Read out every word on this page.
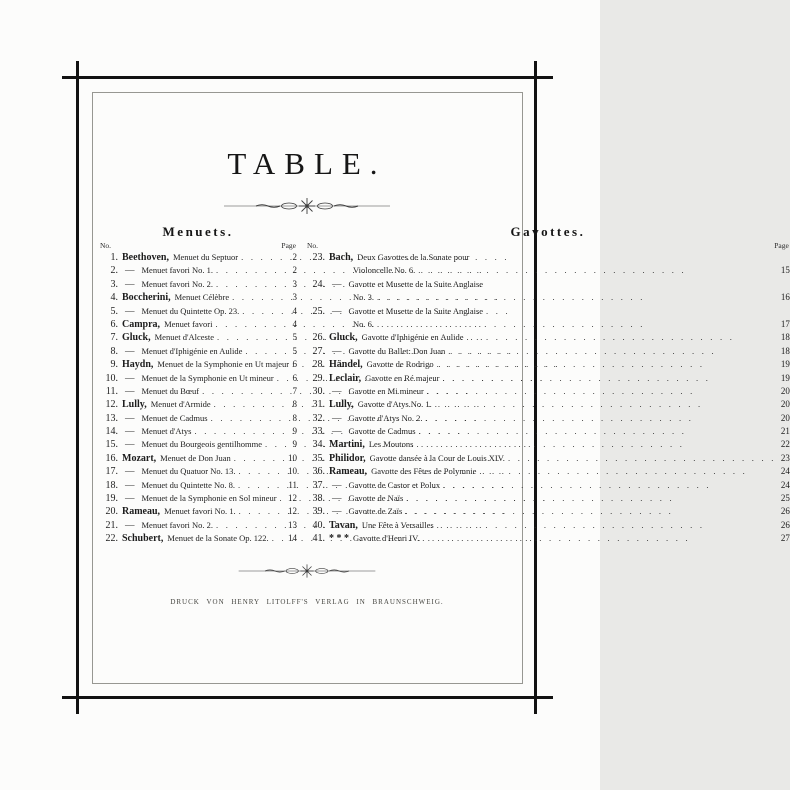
TABLE.
Menuets.
No.	Page
1. Beethoven, Menuet du Septuor . . .	2
2. — Menuet favori No. 1. . . .	2
3. — Menuet favori No. 2. . . .	3
4. Boccherini, Menuet Célèbre . . .	3
5. — Menuet du Quintette Op. 23. . . .	4
6. Campra, Menuet favori . . .	4
7. Gluck, Menuet d'Alceste . . .	5
8. — Menuet d'Iphigénie en Aulide . . .	5
9. Haydn, Menuet de la Symphonie en Ut majeur . . . 6
10. — Menuet de la Symphonie en Ut mineur . . .	6
11. — Menuet du Bœuf . . .	7
12. Lully, Menuet d'Armide . . .	8
13. — Menuet de Cadmus . . .	8
14. — Menuet d'Atys . . .	9
15. — Menuet du Bourgeois gentilhomme . . .	9
16. Mozart, Menuet de Don Juan . . .	10
17. — Menuet du Quatuor No. 13. . . .	10
18. — Menuet du Quintette No. 8. . . .	11
19. — Menuet de la Symphonie en Sol mineur . . .	12
20. Rameau, Menuet favori No. 1. . . .	12
21. — Menuet favori No. 2. . . .	13
22. Schubert, Menuet de la Sonate Op. 122. . . .	14
Gavottes.
No.	Page
23. Bach, Deux Gavottes de la Sonate pour
Violoncelle No. 6. . . .	15
24. — Gavotte et Musette de la Suite Anglaise
No. 3. . . .	16
25. — Gavotte et Musette de la Suite Anglaise
No. 6. . . .	17
26. Gluck, Gavotte d'Iphigénie en Aulide . . .	18
27. — Gavotte du Ballet: Don Juan . . .	18
28. Händel, Gavotte de Rodrigo . . .	19
29. Leclair, Gavotte en Ré majeur . . .	19
30. — Gavotte en Mi mineur . . .	20
31. Lully, Gavotte d'Atys No. 1. . . .	20
32. — Gavotte d'Atys No. 2. . . .	20
33. — Gavotte de Cadmus . . .	21
34. Martini, Les Moutons . . .	22
35. Philidor, Gavotte dansée à la Cour de Louis XIV. . . .	23
36. Rameau, Gavotte des Fêtes de Polymnie . . .	24
37. — Gavotte de Castor et Polux . . .	24
38. — Gavotte de Naïs . . .	25
39. — Gavotte de Zaïs . . .	26
40. Tavan, Une Fête à Versailles . . .	26
41. * * * Gavotte d'Henri IV. . . .	27
DRUCK VON HENRY LITOLFF'S VERLAG IN BRAUNSCHWEIG.
